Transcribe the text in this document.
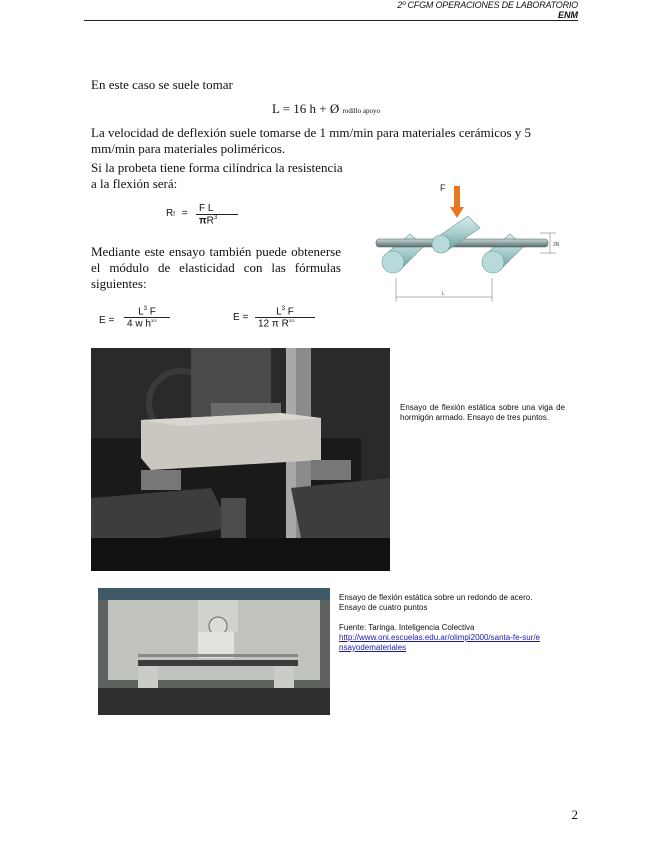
2º CFGM OPERACIONES DE LABORATORIO
ENM
En este caso se suele tomar
L = 16 h + Ø rodillo apoyo
La velocidad de deflexión suele tomarse de 1 mm/min para materiales cerámicos y 5 mm/min para materiales poliméricos.
Si la probeta tiene forma cilíndrica la resistencia a la flexión será:
$Rf = \frac{\text{F L}}{\pi R^3}$
Mediante este ensayo también puede obtenerse el módulo de elasticidad con las fórmulas siguientes:
$E = \frac{L^3 F}{4 w h^{3/3}}$	$E = \frac{L^3 F}{12 \pi R^{3/3}}$
F
2R
L
Ensayo de flexión estática sobre una viga de hormigón armado. Ensayo de tres puntos.
Ensayo de flexión estática sobre un redondo de acero.
Ensayo de cuatro puntos
Fuente: Taringa. Inteligencia Colectiva
http://www.oni.escuelas.edu.ar/olimpi2000/santa-fe-sur/ensayodemateriales
2
